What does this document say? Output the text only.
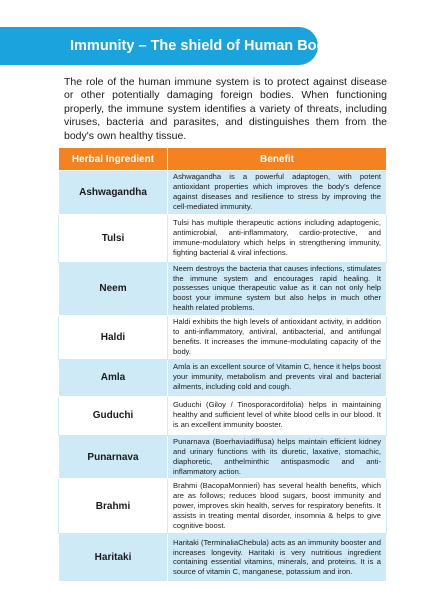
Immunity – The shield of Human Body

The role of the human immune system is to protect against disease or other potentially damaging foreign bodies. When functioning properly, the immune system identifies a variety of threats, including viruses, bacteria and parasites, and distinguishes them from the body's own healthy tissue.

Herbal Ingredient	Benefit
Ashwagandha	Ashwagandha is a powerful adaptogen, with potent antioxidant properties which improves the body's defence against diseases and resilience to stress by improving the cell-mediated immunity.
Tulsi	Tulsi has multiple therapeutic actions including adaptogenic, antimicrobial, anti-inflammatory, cardio-protective, and immune-modulatory which helps in strengthening immunity, fighting bacterial & viral infections.
Neem	Neem destroys the bacteria that causes infections, stimulates the immune system and encourages rapid healing. It possesses unique therapeutic value as it can not only help boost your immune system but also helps in much other health related problems.
Haldi	Haldi exhibits the high levels of antioxidant activity, in addition to anti-inflammatory, antiviral, antibacterial, and antifungal benefits. It increases the immune-modulating capacity of the body.
Amla	Amla is an excellent source of Vitamin C, hence it helps boost your immunity, metabolism and prevents viral and bacterial ailments, including cold and cough.
Guduchi	Guduchi (Giloy / Tinosporacordifolia) helps in maintaining healthy and sufficient level of white blood cells in our blood. It is an excellent immunity booster.
Punarnava	Punarnava (Boerhaviadiffusa) helps maintain efficient kidney and urinary functions with its diuretic, laxative, stomachic, diaphoretic, anthelminthic antispasmodic and anti-inflammatory action.
Brahmi	Brahmi (BacopaMonnieri) has several health benefits, which are as follows; reduces blood sugars, boost immunity and power, improves skin health, serves for respiratory benefits. It assists in treating mental disorder, insomnia & helps to give cognitive boost.
Haritaki	Haritaki (TerminaliaChebula) acts as an immunity booster and increases longevity. Haritaki is very nutritious ingredient containing essential vitamins, minerals, and proteins. It is a source of vitamin C, manganese, potassium and iron.
